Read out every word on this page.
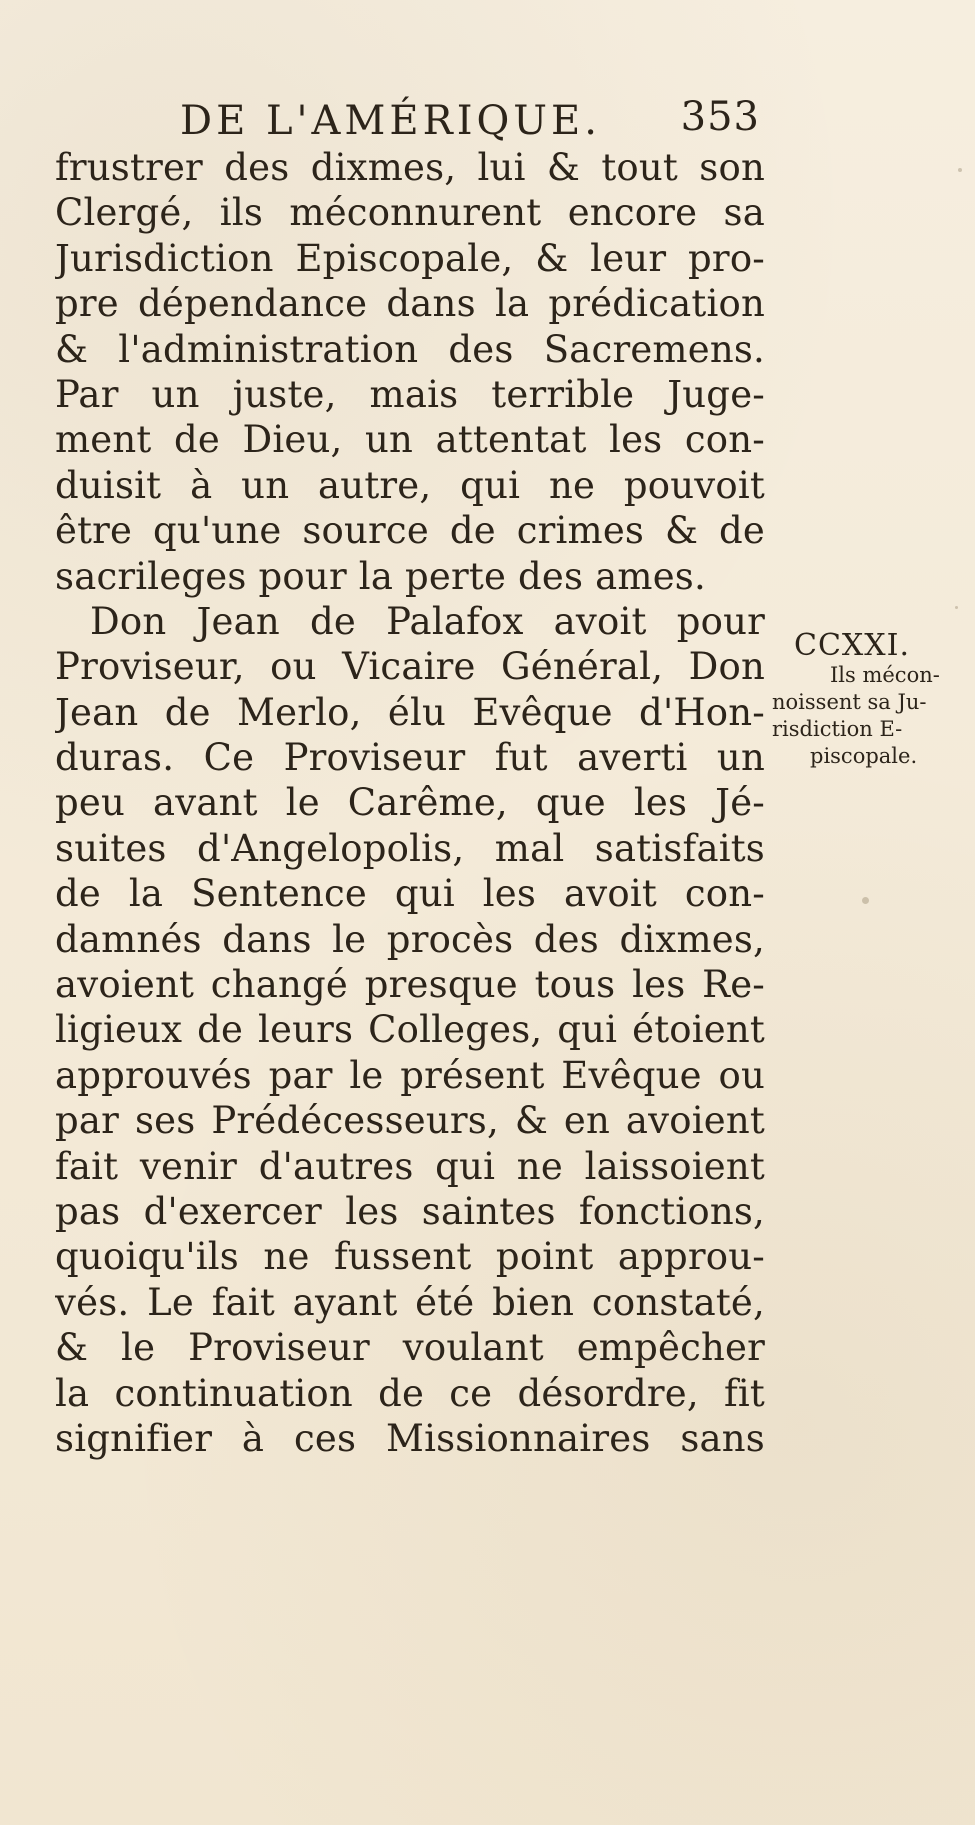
DE L'AMÉRIQUE. 353
frustrer des dixmes, lui & tout son
Clergé, ils méconnurent encore sa
Jurisdiction Episcopale, & leur pro-
pre dépendance dans la prédication
& l'administration des Sacremens.
Par un juste, mais terrible Juge-
ment de Dieu, un attentat les con-
duisit à un autre, qui ne pouvoit
être qu'une source de crimes & de
sacrileges pour la perte des ames.
Don Jean de Palafox avoit pour
Proviseur, ou Vicaire Général, Don
Jean de Merlo, élu Evêque d'Hon-
duras. Ce Proviseur fut averti un
peu avant le Carême, que les Jé-
suites d'Angelopolis, mal satisfaits
de la Sentence qui les avoit con-
damnés dans le procès des dixmes,
avoient changé presque tous les Re-
ligieux de leurs Colleges, qui étoient
approuvés par le présent Evêque ou
par ses Prédécesseurs, & en avoient
fait venir d'autres qui ne laissoient
pas d'exercer les saintes fonctions,
quoiqu'ils ne fussent point approu-
vés. Le fait ayant été bien constaté,
& le Proviseur voulant empêcher
la continuation de ce désordre, fit
signifier à ces Missionnaires sans
CCXXI.
Ils mécon-
noissent sa Ju-
risdiction E-
piscopale.
